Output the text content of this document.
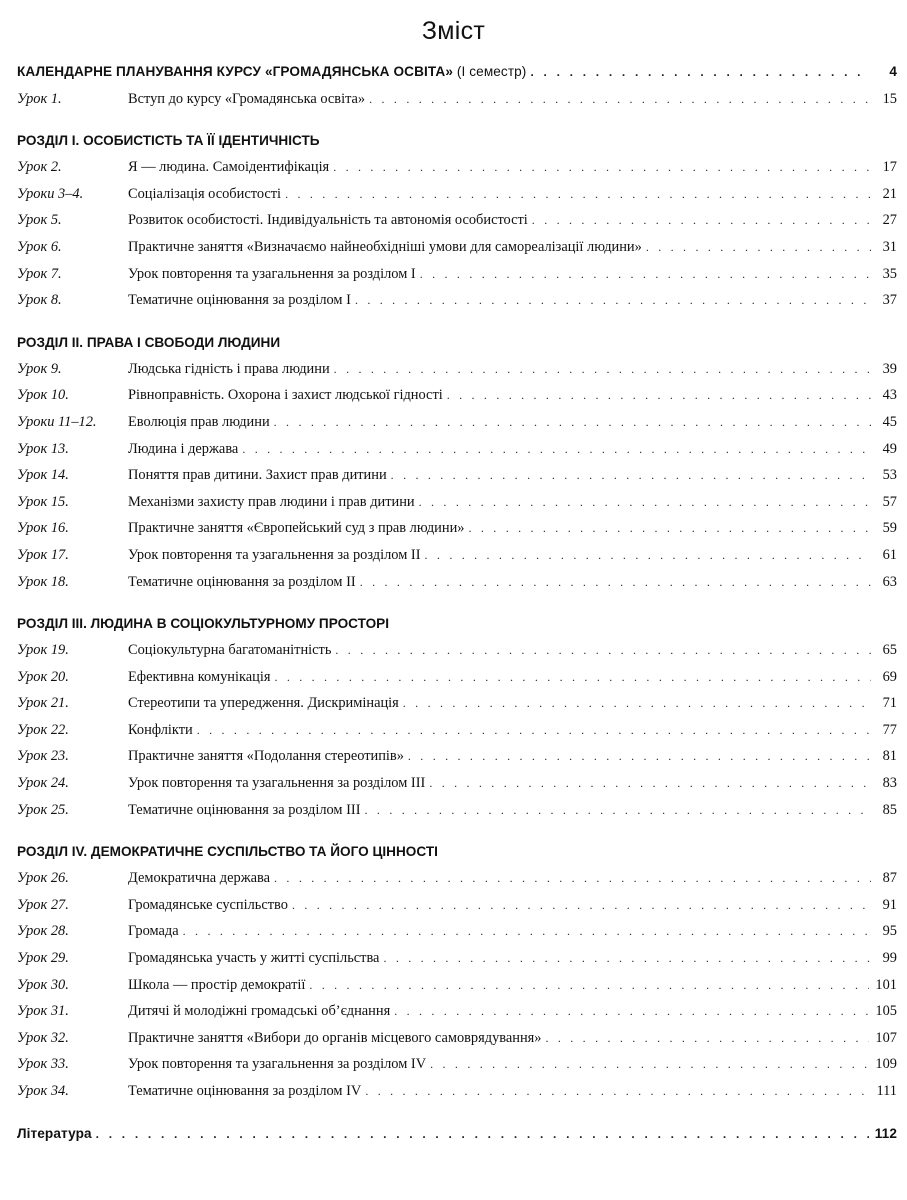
Зміст
КАЛЕНДАРНЕ ПЛАНУВАННЯ КУРСУ «ГРОМАДЯНСЬКА ОСВІТА» (І семестр) . . .	4
Урок 1.	Вступ до курсу «Громадянська освіта» . . .	15
РОЗДІЛ І. ОСОБИСТІСТЬ ТА ЇЇ ІДЕНТИЧНІСТЬ
Урок 2.	Я — людина. Самоідентифікація . . .	17
Уроки 3–4.	Соціалізація особистості . . .	21
Урок 5.	Розвиток особистості. Індивідуальність та автономія особистості . . .	27
Урок 6.	Практичне заняття «Визначаємо найнеобхідніші умови для самореалізації людини» . . .	31
Урок 7.	Урок повторення та узагальнення за розділом І . . .	35
Урок 8.	Тематичне оцінювання за розділом І . . .	37
РОЗДІЛ ІІ. ПРАВА І СВОБОДИ ЛЮДИНИ
Урок 9.	Людська гідність і права людини . . .	39
Урок 10.	Рівноправність. Охорона і захист людської гідності . . .	43
Уроки 11–12.	Еволюція прав людини . . .	45
Урок 13.	Людина і держава . . .	49
Урок 14.	Поняття прав дитини. Захист прав дитини . . .	53
Урок 15.	Механізми захисту прав людини і прав дитини . . .	57
Урок 16.	Практичне заняття «Європейський суд з прав людини» . . .	59
Урок 17.	Урок повторення та узагальнення за розділом ІІ . . .	61
Урок 18.	Тематичне оцінювання за розділом ІІ . . .	63
РОЗДІЛ ІІІ. ЛЮДИНА В СОЦІОКУЛЬТУРНОМУ ПРОСТОРІ
Урок 19.	Соціокультурна багатоманітність . . .	65
Урок 20.	Ефективна комунікація . . .	69
Урок 21.	Стереотипи та упередження. Дискримінація . . .	71
Урок 22.	Конфлікти . . .	77
Урок 23.	Практичне заняття «Подолання стереотипів» . . .	81
Урок 24.	Урок повторення та узагальнення за розділом ІІІ . . .	83
Урок 25.	Тематичне оцінювання за розділом ІІІ . . .	85
РОЗДІЛ IV. ДЕМОКРАТИЧНЕ СУСПІЛЬСТВО ТА ЙОГО ЦІННОСТІ
Урок 26.	Демократична держава . . .	87
Урок 27.	Громадянське суспільство . . .	91
Урок 28.	Громада . . .	95
Урок 29.	Громадянська участь у житті суспільства . . .	99
Урок 30.	Школа — простір демократії . . .	101
Урок 31.	Дитячі й молодіжні громадські об’єднання . . .	105
Урок 32.	Практичне заняття «Вибори до органів місцевого самоврядування» . . .	107
Урок 33.	Урок повторення та узагальнення за розділом IV . . .	109
Урок 34.	Тематичне оцінювання за розділом IV . . .	111
Література . . .	112
